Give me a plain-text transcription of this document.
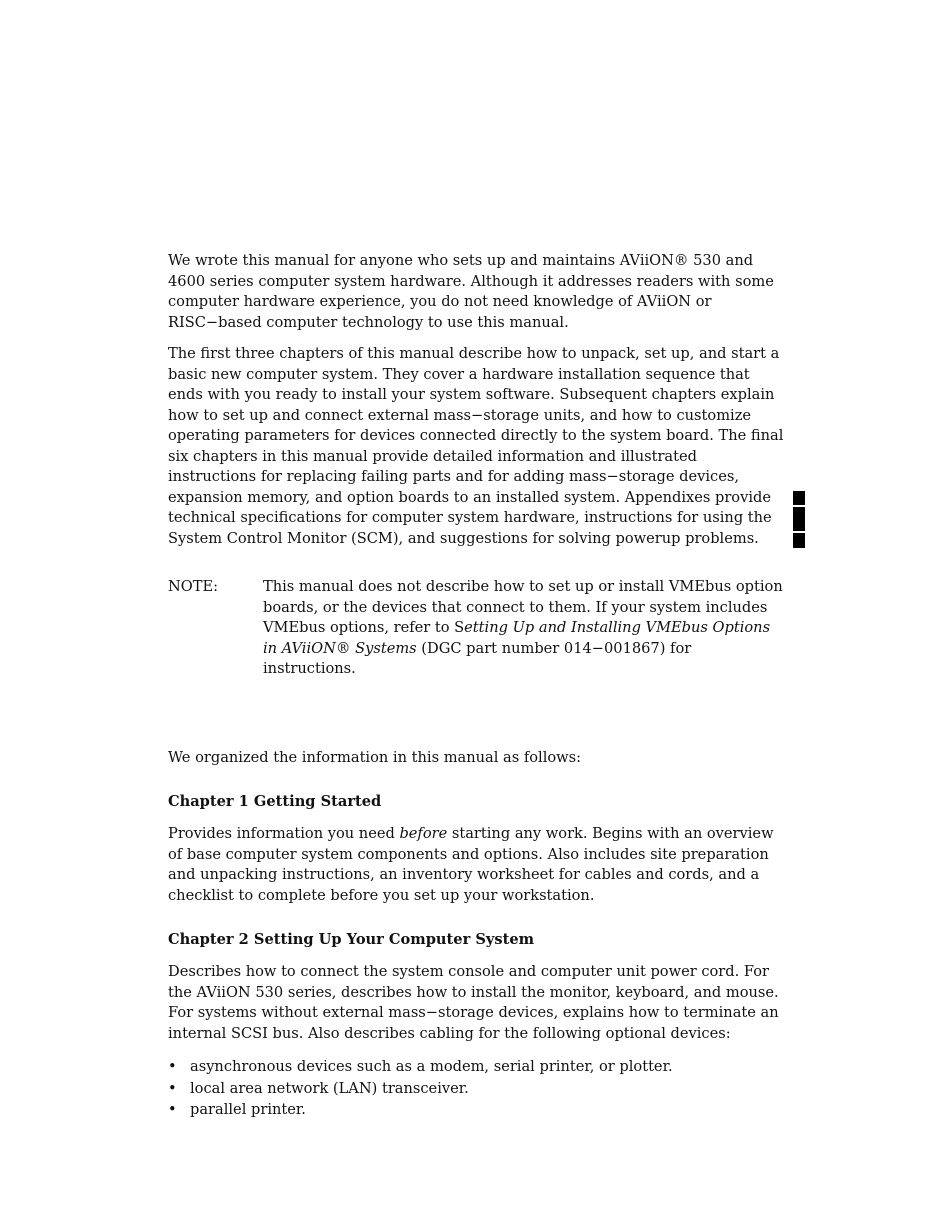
We wrote this manual for anyone who sets up and maintains AViiON® 530 and 4600 series computer system hardware. Although it addresses readers with some computer hardware experience, you do not need knowledge of AViiON or RISC−based computer technology to use this manual.

The first three chapters of this manual describe how to unpack, set up, and start a basic new computer system. They cover a hardware installation sequence that ends with you ready to install your system software. Subsequent chapters explain how to set up and connect external mass−storage units, and how to customize operating parameters for devices connected directly to the system board. The final six chapters in this manual provide detailed information and illustrated instructions for replacing failing parts and for adding mass−storage devices, expansion memory, and option boards to an installed system. Appendixes provide technical specifications for computer system hardware, instructions for using the System Control Monitor (SCM), and suggestions for solving powerup problems.

NOTE:	This manual does not describe how to set up or install VMEbus option boards, or the devices that connect to them. If your system includes VMEbus options, refer to Setting Up and Installing VMEbus Options in AViiON® Systems (DGC part number 014−001867) for instructions.

We organized the information in this manual as follows:

Chapter 1 Getting Started

Provides information you need before starting any work. Begins with an overview of base computer system components and options. Also includes site preparation and unpacking instructions, an inventory worksheet for cables and cords, and a checklist to complete before you set up your workstation.

Chapter 2 Setting Up Your Computer System

Describes how to connect the system console and computer unit power cord. For the AViiON 530 series, describes how to install the monitor, keyboard, and mouse. For systems without external mass−storage devices, explains how to terminate an internal SCSI bus. Also describes cabling for the following optional devices:

• asynchronous devices such as a modem, serial printer, or plotter.
• local area network (LAN) transceiver.
• parallel printer.
